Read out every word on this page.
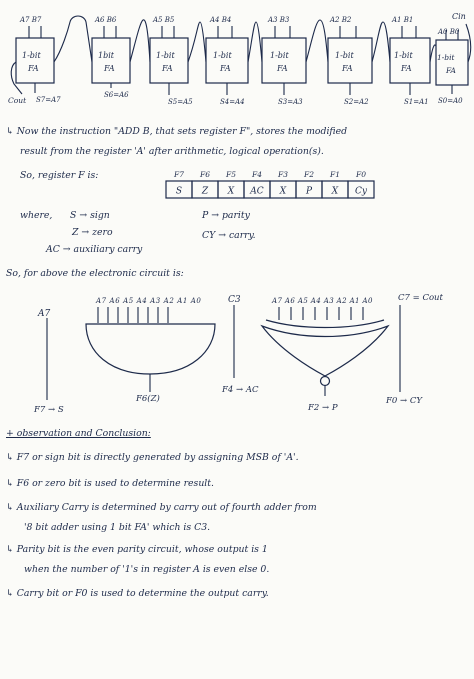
Cin
Cout
A7 B7
1-bit
FA
S7=A7
A6 B6
1bit
FA
S6=A6
A5 B5
1-bit
FA
S5=A5
A4 B4
1-bit
FA
S4=A4
A3 B3
1-bit
FA
S3=A3
A2 B2
1-bit
FA
S2=A2
A1 B1
1-bit
FA
S1=A1
A0 B0
1-bit
FA
S0=A0
S
F7
Z
F6
X
F5
AC
F4
X
F3
P
F2
X
F1
Cy
F0
A7
F7 → S
A7 A6 A5 A4 A3 A2 A1 A0
F6(Z)
C3
F4 → AC
A7 A6 A5 A4 A3 A2 A1 A0
F2 → P
C7 = Cout
F0 → CY
↳ Now the instruction "ADD B, that sets register F", stores the modified
result from the register 'A' after arithmetic, logical operation(s).
So, register F is:
where, S → sign
Z → zero
AC → auxiliary carry
P → parity
CY → carry.
So, for above the electronic circuit is:
+ observation and Conclusion:
↳ F7 or sign bit is directly generated by assigning MSB of 'A'.
↳ F6 or zero bit is used to determine result.
↳ Auxiliary Carry is determined by carry out of fourth adder from
'8 bit adder using 1 bit FA' which is C3.
↳ Parity bit is the even parity circuit, whose output is 1
when the number of '1's in register A is even else 0.
↳ Carry bit or F0 is used to determine the output carry.
